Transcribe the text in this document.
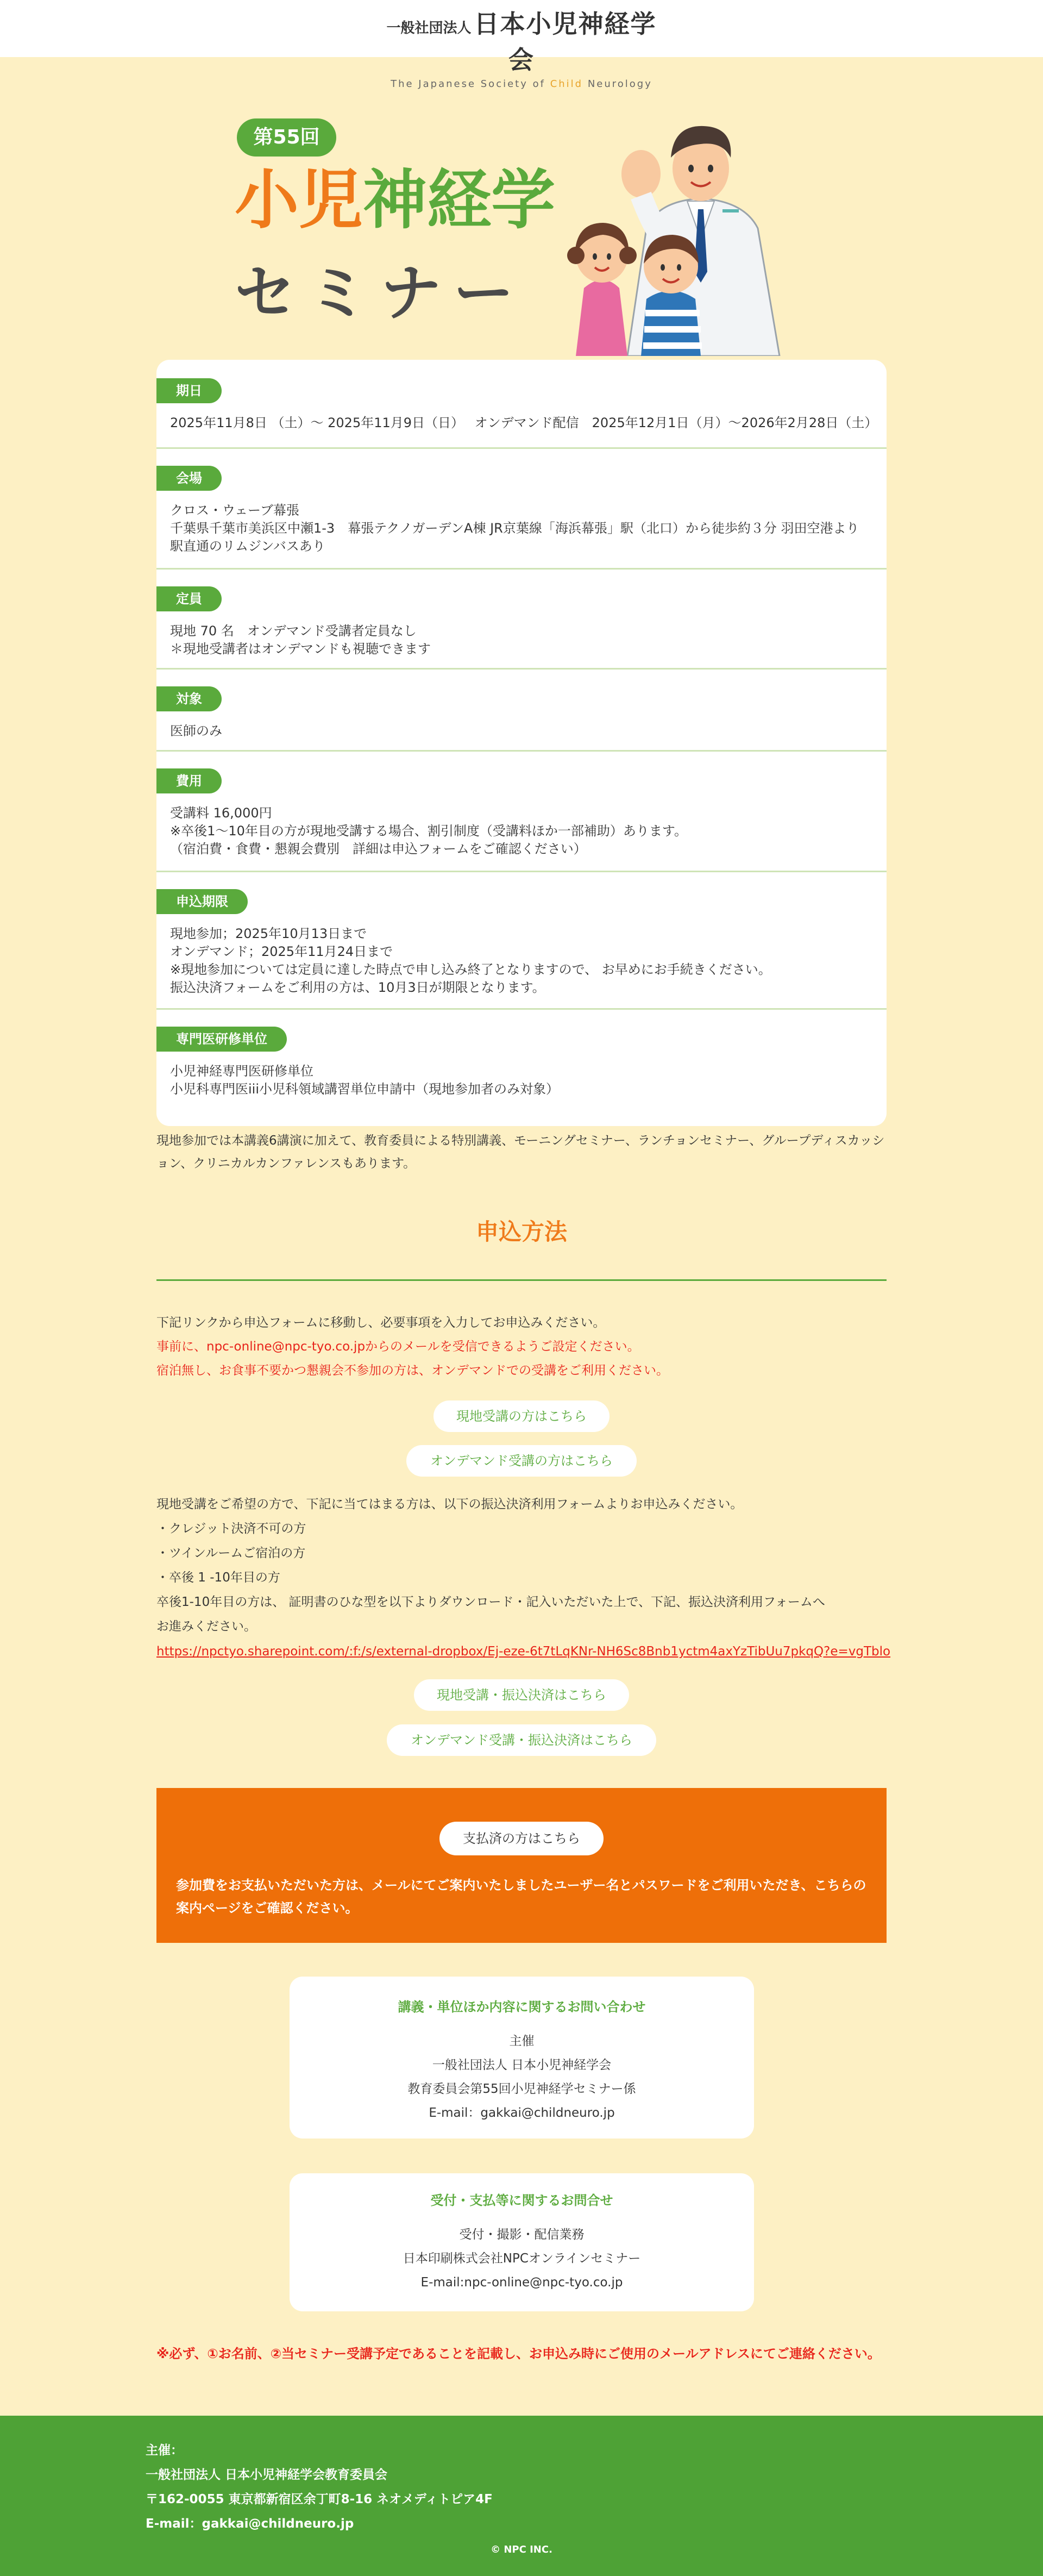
一般社団法人 日本小児神経学会
The Japanese Society of Child Neurology
第55回
小児神経学
セミナー
期日
2025年11月8日 （土）〜 2025年11月9日（日）　 オンデマンド配信　2025年12月1日（月）〜2026年2月28日（土）
会場
クロス・ウェーブ幕張
千葉県千葉市美浜区中瀬1-3　幕張テクノガーデンA棟 JR京葉線「海浜幕張」駅（北口）から徒歩約３分 羽田空港より駅直通のリムジンバスあり
定員
現地 70 名　オンデマンド受講者定員なし
＊現地受講者はオンデマンドも視聴できます
対象
医師のみ
費用
受講料 16,000円
※卒後1〜10年目の方が現地受講する場合、割引制度（受講料ほか一部補助）あります。
（宿泊費・食費・懇親会費別　詳細は申込フォームをご確認ください）
申込期限
現地参加；2025年10月13日まで
オンデマンド；2025年11月24日まで
※現地参加については定員に達した時点で申し込み終了となりますので、 お早めにお手続きください。
振込決済フォームをご利用の方は、10月3日が期限となります。
専門医研修単位
小児神経専門医研修単位
小児科専門医iii小児科領域講習単位申請中（現地参加者のみ対象）
現地参加では本講義6講演に加えて、教育委員による特別講義、モーニングセミナー、ランチョンセミナー、グループディスカッション、クリニカルカンファレンスもあります。
申込方法
下記リンクから申込フォームに移動し、必要事項を入力してお申込みください。
事前に、npc-online@npc-tyo.co.jpからのメールを受信できるようご設定ください。
宿泊無し、お食事不要かつ懇親会不参加の方は、オンデマンドでの受講をご利用ください。
現地受講の方はこちら
オンデマンド受講の方はこちら
現地受講をご希望の方で、下記に当てはまる方は、以下の振込決済利用フォームよりお申込みください。
・クレジット決済不可の方
・ツインルームご宿泊の方
・卒後 1 -10年目の方
卒後1-10年目の方は、 証明書のひな型を以下よりダウンロード・記入いただいた上で、下記、振込決済利用フォームへ
お進みください。
https://npctyo.sharepoint.com/:f:/s/external-dropbox/Ej-eze-6t7tLqKNr-NH6Sc8Bnb1yctm4axYzTibUu7pkqQ?e=vgTblo
現地受講・振込決済はこちら
オンデマンド受講・振込決済はこちら
支払済の方はこちら
参加費をお支払いただいた方は、メールにてご案内いたしましたユーザー名とパスワードをご利用いただき、こちらの案内ページをご確認ください。
講義・単位ほか内容に関するお問い合わせ
主催
一般社団法人 日本小児神経学会
教育委員会第55回小児神経学セミナー係
E-mail：gakkai@childneuro.jp
受付・支払等に関するお問合せ
受付・撮影・配信業務
日本印刷株式会社NPCオンラインセミナー
E-mail:npc-online@npc-tyo.co.jp
※必ず、①お名前、②当セミナー受講予定であることを記載し、お申込み時にご使用のメールアドレスにてご連絡ください。
主催：
一般社団法人 日本小児神経学会教育委員会
〒162-0055 東京都新宿区余丁町8-16 ネオメディトピア4F
E-mail：gakkai@childneuro.jp
© NPC INC.
